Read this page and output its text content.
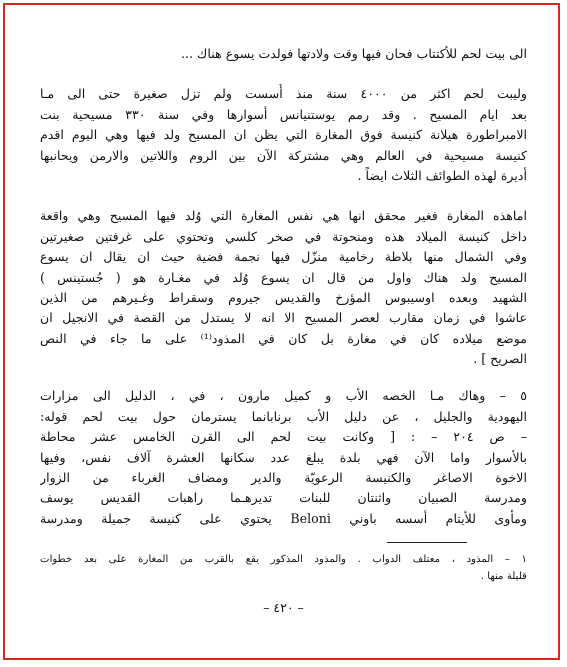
الى بيت لحم للأكتتاب فحان فيها وقت ولادتها فولدت يسوع هناك ...
وليبت لحم اكثر من ٤٠٠٠ سنة منذ أُسست ولم تزل صغيرة حتى الى مـا
بعد ايام المسيح . وقد رمم يوستنيانس أسوارها وفي سنة ٣٣٠ مسيحية بنت
الامبراطورة هيلانة كنيسة فوق المغارة التي يظن ان المسيح ولد فيها وهي اليوم اقدم
كنيسة مسيحية في العالم وهي مشتركة الآن بين الروم واللاتين والارمن ويحانبها
أديرة لهذه الطوائف الثلاث ايضاً .
اماهذه المغارة فغير محقق انها هي نفس المغارة التي وُلد فيها المسيح وهي واقعة
داخل كنيسة الميلاد هذه ومنحوتة في صخر كلسي وتحتوي على غرفتين صغيرتين
وفي الشمال منها بلاطة رخامية منزّل فيها نجمة فضية حيث ان يقال ان يسوع
المسيح ولد هناك واول من قال ان يسوع وُلد في مغـارة هو ( جُستينس )
الشهيد وبعده اوسيبوس المؤرخ والقديس جيروم وسقراط وغـيرهم من الذين
عاشوا في زمان مقارب لعصر المسيح الا انه لا يستدل من القصة في الانجيل ان
موضع ميلاده كان في مغارة بل كان في المذود⁽¹⁾ على ما جاء في النص
الصريح ] .
٥ – وهاك مـا الخصه الأب و كميل مارون ، في ، الدليل الى مزارات
اليهودية والجليل ، عن دليل الأب برنابانما يسترمان حول بيت لحم قوله:
– ص ٢٠٤ – : [ وكانت بيت لحم الى القرن الخامس عشر محاطة
بالأسوار واما الآن فهي بلدة يبلغ عدد سكانها العشرة آلاف نفس، وفيها
الاخوة الاصاغر والكنيسة الرعويّة والدير ومضاف الغرباء من الزوار
ومدرسة الصبيان واثنتان للبنات تديرهـما راهبات القديس يوسف
ومأوى للأيتام أسسه باوني Beloni يحتوي على كنيسة جميلة ومدرسة
١ – المذود ، معتلف الدواب . والمذود المذكور يقع بالقرب من المغارة على بعد خطوات
قليلة منها .
– ٤٢٠ –
